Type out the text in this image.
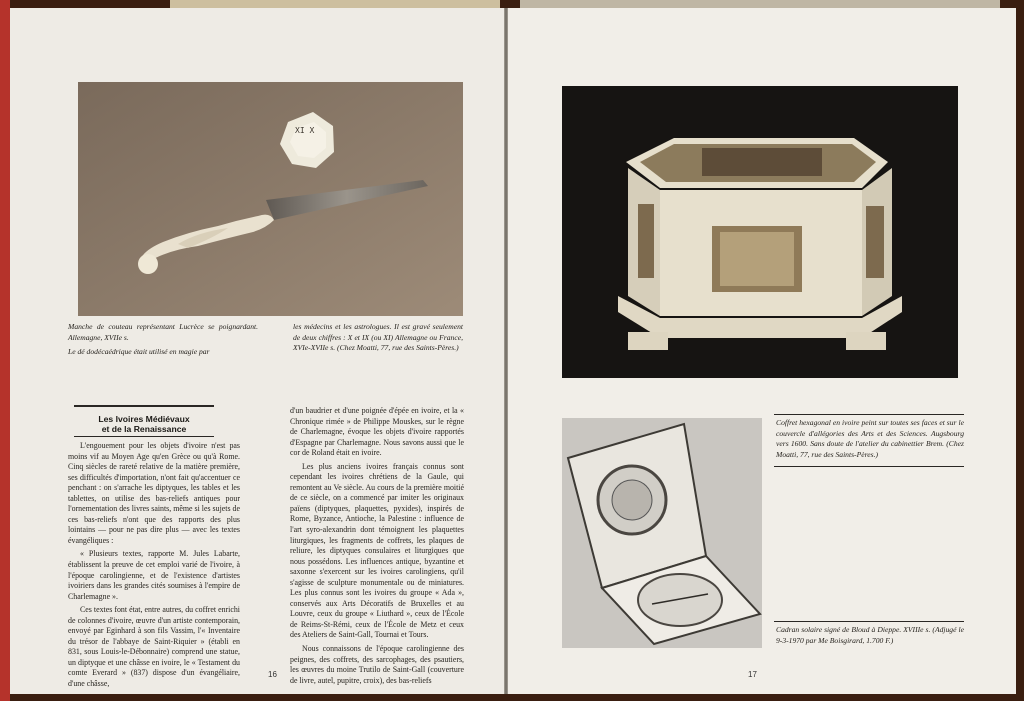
XI X

Manche de couteau représentant Lucrèce se poignardant. Allemagne, XVIIe s.

Le dé dodécaédrique était utilisé en magie par

les médecins et les astrologues. Il est gravé seulement de deux chiffres : X et IX (ou XI) Allemagne ou France, XVIe-XVIIe s. (Chez Moatti, 77, rue des Saints-Pères.)

Les Ivoires Médiévaux
et de la Renaissance

L'engouement pour les objets d'ivoire n'est pas moins vif au Moyen Age qu'en Grèce ou qu'à Rome. Cinq siècles de rareté relative de la matière première, ses difficultés d'importation, n'ont fait qu'accentuer ce penchant : on s'arrache les diptyques, les tables et les tablettes, on utilise des bas-reliefs antiques pour l'ornementation des livres saints, même si les sujets de ces bas-reliefs n'ont que des rapports des plus lointains — pour ne pas dire plus — avec les textes évangéliques :

« Plusieurs textes, rapporte M. Jules Labarte, établissent la preuve de cet emploi varié de l'ivoire, à l'époque carolingienne, et de l'existence d'artistes ivoiriers dans les grandes cités soumises à l'empire de Charlemagne ».

Ces textes font état, entre autres, du coffret enrichi de colonnes d'ivoire, œuvre d'un artiste contemporain, envoyé par Eginhard à son fils Vassim, l'« Inventaire du trésor de l'abbaye de Saint-Riquier » (établi en 831, sous Louis-le-Débonnaire) comprend une statue, un diptyque et une châsse en ivoire, le « Testament du comte Everard » (837) dispose d'un évangéliaire, d'une châsse,

d'un baudrier et d'une poignée d'épée en ivoire, et la « Chronique rimée » de Philippe Mouskes, sur le règne de Charlemagne, évoque les objets d'ivoire rapportés d'Espagne par Charlemagne. Nous savons aussi que le cor de Roland était en ivoire.

Les plus anciens ivoires français connus sont cependant les ivoires chrétiens de la Gaule, qui remontent au Ve siècle. Au cours de la première moitié de ce siècle, on a commencé par imiter les originaux païens (diptyques, plaquettes, pyxides), inspirés de Rome, Byzance, Antioche, la Palestine : influence de l'art syro-alexandrin dont témoignent les plaquettes liturgiques, les fragments de coffrets, les plaques de reliure, les diptyques consulaires et liturgiques que nous possédons. Les influences antique, byzantine et saxonne s'exercent sur les ivoires carolingiens, qu'il s'agisse de sculpture monumentale ou de miniatures. Les plus connus sont les ivoires du groupe « Ada », conservés aux Arts Décoratifs de Bruxelles et au Louvre, ceux du groupe « Liuthard », ceux de l'École de Reims-St-Rémi, ceux de l'École de Metz et ceux des Ateliers de Saint-Gall, Tournai et Tours.

Nous connaissons de l'époque carolingienne des peignes, des coffrets, des sarcophages, des psautiers, les œuvres du moine Trutilo de Saint-Gall (couverture de livre, autel, pupitre, croix), des bas-reliefs

16

Coffret hexagonal en ivoire peint sur toutes ses faces et sur le couvercle d'allégories des Arts et des Sciences. Augsbourg vers 1600. Sans doute de l'atelier du cabinettier Brem. (Chez Moatti, 77, rue des Saints-Pères.)

Cadran solaire signé de Bloud à Dieppe. XVIIIe s. (Adjugé le 9-3-1970 par Me Boisgirard, 1.700 F.)

17
